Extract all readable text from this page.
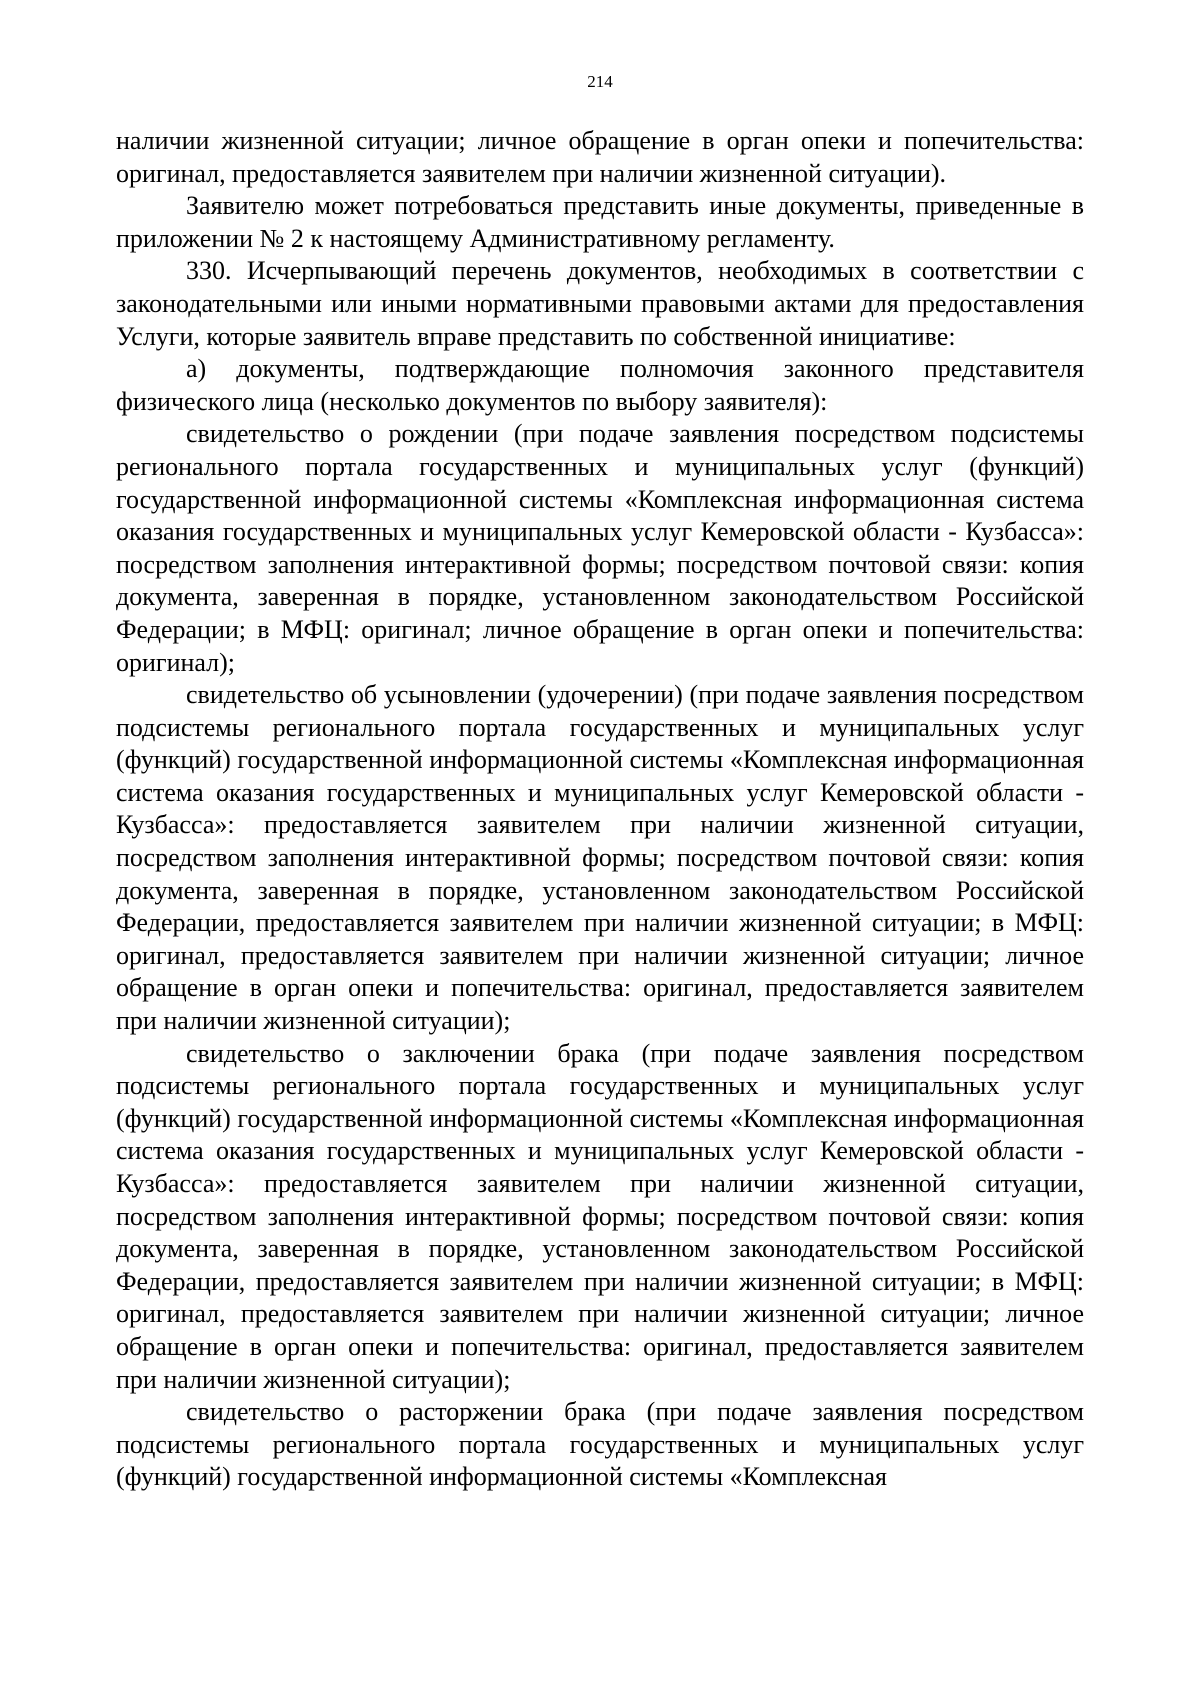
214

наличии жизненной ситуации; личное обращение в орган опеки и попечительства: оригинал, предоставляется заявителем при наличии жизненной ситуации).

Заявителю может потребоваться представить иные документы, приведенные в приложении № 2 к настоящему Административному регламенту.

330. Исчерпывающий перечень документов, необходимых в соответствии с законодательными или иными нормативными правовыми актами для предоставления Услуги, которые заявитель вправе представить по собственной инициативе:

а) документы, подтверждающие полномочия законного представителя физического лица (несколько документов по выбору заявителя):

свидетельство о рождении (при подаче заявления посредством подсистемы регионального портала государственных и муниципальных услуг (функций) государственной информационной системы «Комплексная информационная система оказания государственных и муниципальных услуг Кемеровской области - Кузбасса»: посредством заполнения интерактивной формы; посредством почтовой связи: копия документа, заверенная в порядке, установленном законодательством Российской Федерации; в МФЦ: оригинал; личное обращение в орган опеки и попечительства: оригинал);

свидетельство об усыновлении (удочерении) (при подаче заявления посредством подсистемы регионального портала государственных и муниципальных услуг (функций) государственной информационной системы «Комплексная информационная система оказания государственных и муниципальных услуг Кемеровской области - Кузбасса»: предоставляется заявителем при наличии жизненной ситуации, посредством заполнения интерактивной формы; посредством почтовой связи: копия документа, заверенная в порядке, установленном законодательством Российской Федерации, предоставляется заявителем при наличии жизненной ситуации; в МФЦ: оригинал, предоставляется заявителем при наличии жизненной ситуации; личное обращение в орган опеки и попечительства: оригинал, предоставляется заявителем при наличии жизненной ситуации);

свидетельство о заключении брака (при подаче заявления посредством подсистемы регионального портала государственных и муниципальных услуг (функций) государственной информационной системы «Комплексная информационная система оказания государственных и муниципальных услуг Кемеровской области - Кузбасса»: предоставляется заявителем при наличии жизненной ситуации, посредством заполнения интерактивной формы; посредством почтовой связи: копия документа, заверенная в порядке, установленном законодательством Российской Федерации, предоставляется заявителем при наличии жизненной ситуации; в МФЦ: оригинал, предоставляется заявителем при наличии жизненной ситуации; личное обращение в орган опеки и попечительства: оригинал, предоставляется заявителем при наличии жизненной ситуации);

свидетельство о расторжении брака (при подаче заявления посредством подсистемы регионального портала государственных и муниципальных услуг (функций) государственной информационной системы «Комплексная
